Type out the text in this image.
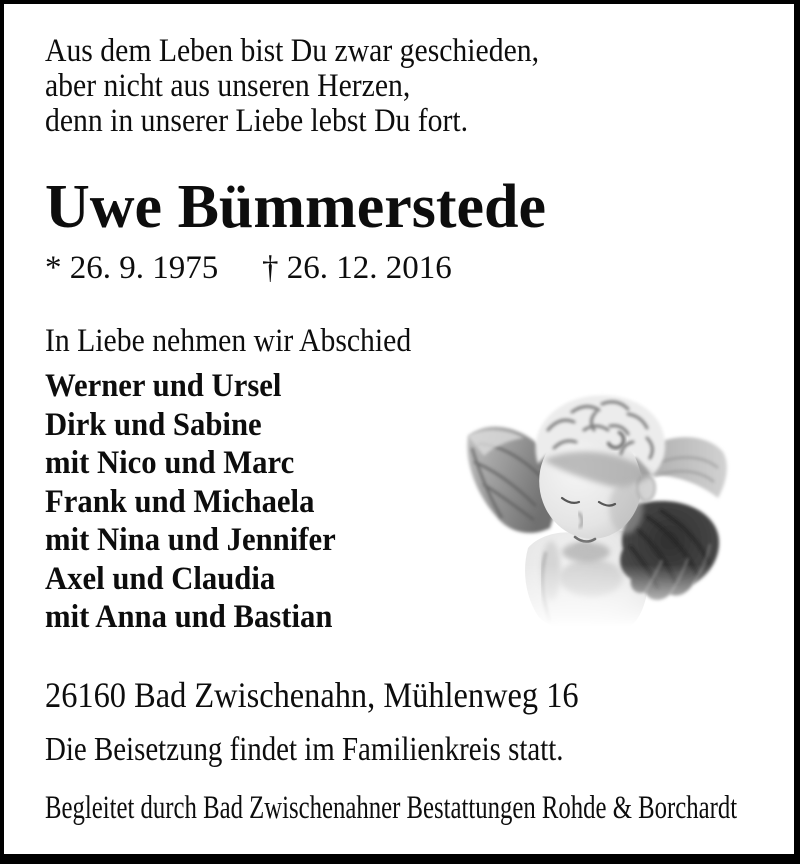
Aus dem Leben bist Du zwar geschieden,
aber nicht aus unseren Herzen,
denn in unserer Liebe lebst Du fort.
Uwe Bümmerstede
* 26. 9. 1975 † 26. 12. 2016
In Liebe nehmen wir Abschied
Werner und Ursel
Dirk und Sabine
mit Nico und Marc
Frank und Michaela
mit Nina und Jennifer
Axel und Claudia
mit Anna und Bastian
26160 Bad Zwischenahn, Mühlenweg 16
Die Beisetzung findet im Familienkreis statt.
Begleitet durch Bad Zwischenahner Bestattungen Rohde & Borchardt
